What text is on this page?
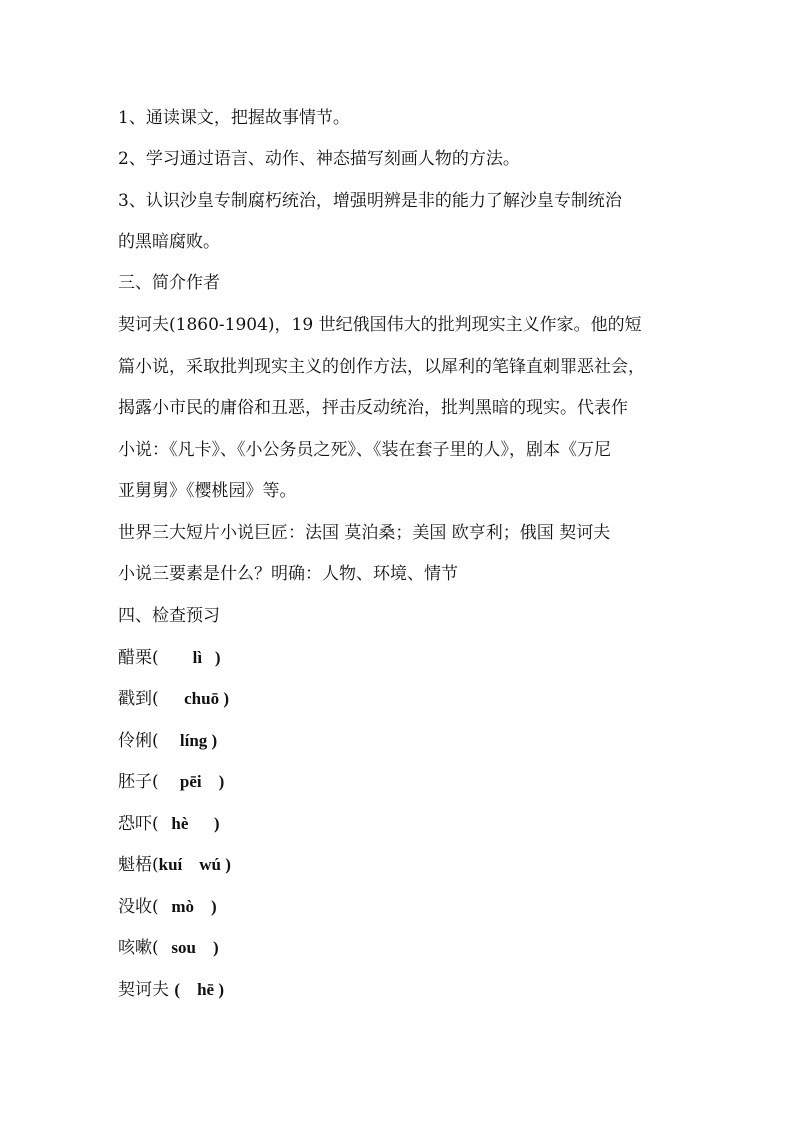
1、通读课文，把握故事情节。
2、学习通过语言、动作、神态描写刻画人物的方法。
3、认识沙皇专制腐朽统治，增强明辨是非的能力了解沙皇专制统治
的黑暗腐败。
三、简介作者
契诃夫(1860-1904)，19 世纪俄国伟大的批判现实主义作家。他的短
篇小说，采取批判现实主义的创作方法，以犀利的笔锋直刺罪恶社会，
揭露小市民的庸俗和丑恶，抨击反动统治，批判黑暗的现实。代表作
小说：《凡卡》、《小公务员之死》、《装在套子里的人》，剧本《万尼
亚舅舅》《樱桃园》等。
世界三大短片小说巨匠：法国 莫泊桑；美国 欧亨利；俄国 契诃夫
小说三要素是什么？明确：人物、环境、情节
四、检查预习
醋栗(        lì   )
戳到(      chuō )
伶俐(     líng )
胚子(     pēi    )
恐吓(   hè      )
魁梧(kuí    wú )
没收(   mò    )
咳嗽(   sou    )
契诃夫 (    hē )
